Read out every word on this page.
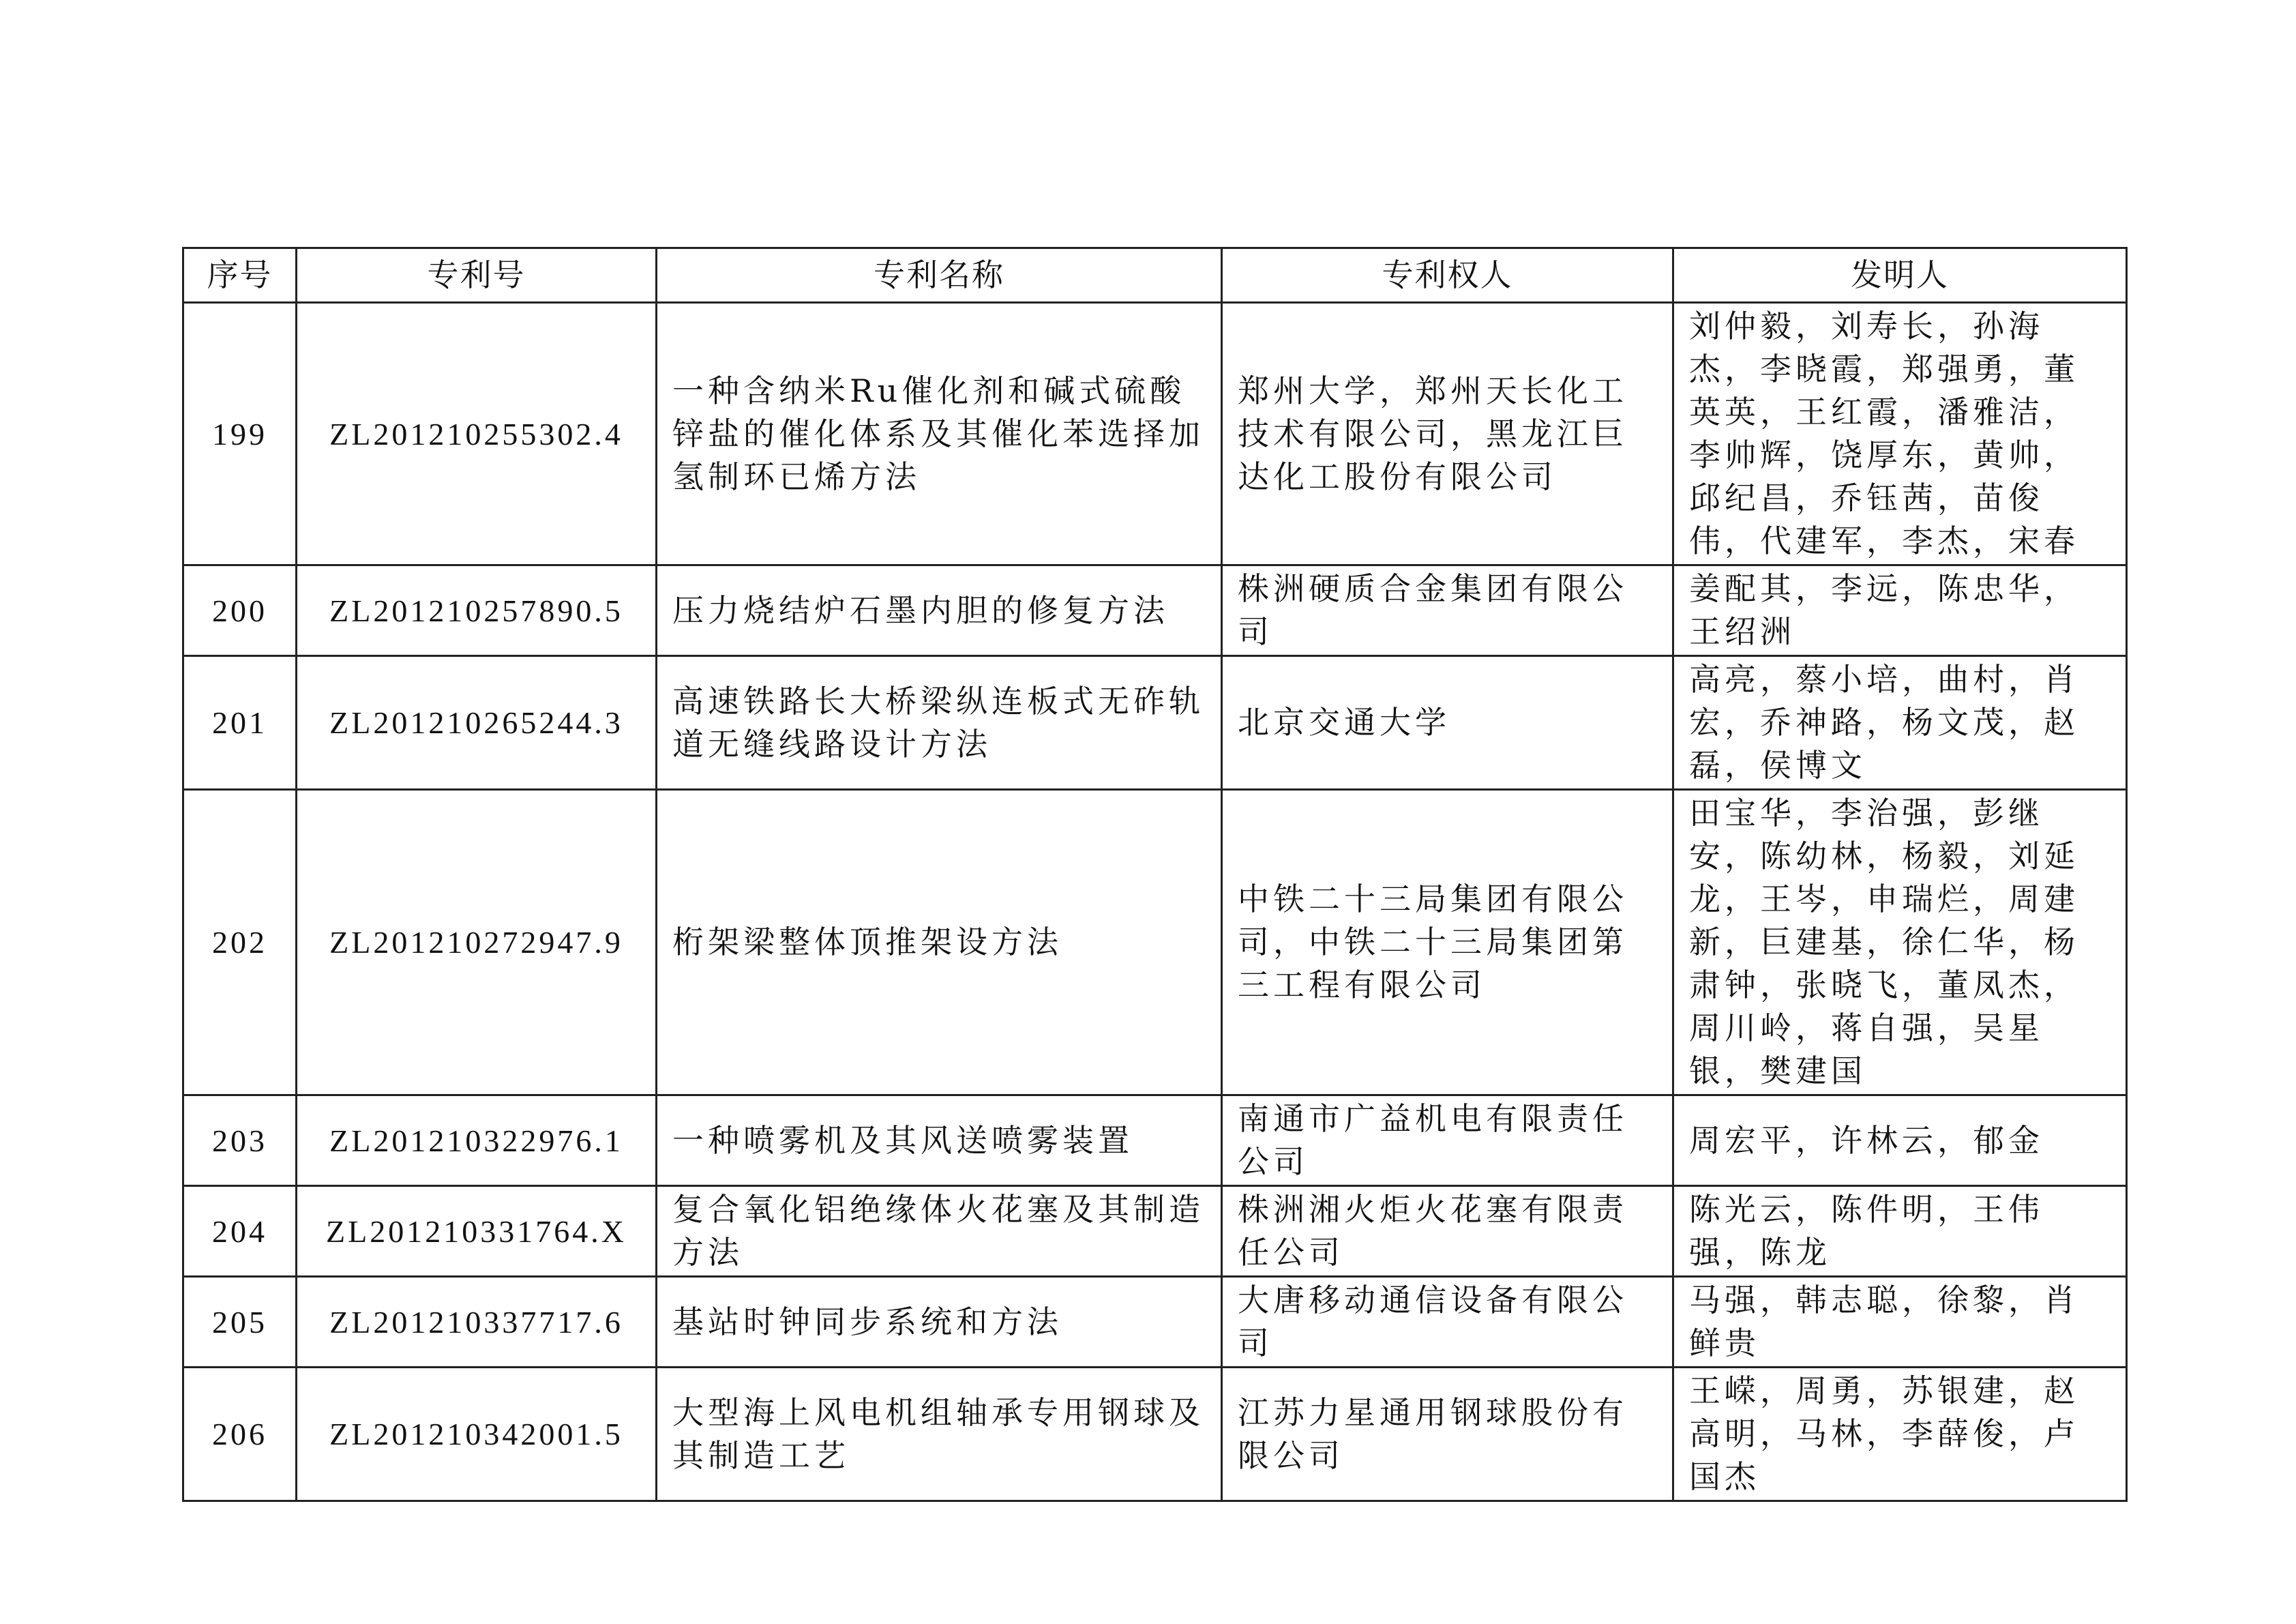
序号	专利号	专利名称	专利权人	发明人
199	ZL201210255302.4	一种含纳米Ru催化剂和碱式硫酸锌盐的催化体系及其催化苯选择加氢制环已烯方法	郑州大学，郑州天长化工技术有限公司，黑龙江巨达化工股份有限公司	刘仲毅，刘寿长，孙海杰，李晓霞，郑强勇，董英英，王红霞，潘雅洁，李帅辉，饶厚东，黄帅，邱纪昌，乔钰茜，苗俊伟，代建军，李杰，宋春
200	ZL201210257890.5	压力烧结炉石墨内胆的修复方法	株洲硬质合金集团有限公司	姜配其，李远，陈忠华，王绍洲
201	ZL201210265244.3	高速铁路长大桥梁纵连板式无砟轨道无缝线路设计方法	北京交通大学	高亮，蔡小培，曲村，肖宏，乔神路，杨文茂，赵磊，侯博文
202	ZL201210272947.9	桁架梁整体顶推架设方法	中铁二十三局集团有限公司，中铁二十三局集团第三工程有限公司	田宝华，李治强，彭继安，陈幼林，杨毅，刘延龙，王岑，申瑞烂，周建新，巨建基，徐仁华，杨肃钟，张晓飞，董凤杰，周川岭，蒋自强，吴星银，樊建国
203	ZL201210322976.1	一种喷雾机及其风送喷雾装置	南通市广益机电有限责任公司	周宏平，许林云，郁金
204	ZL201210331764.X	复合氧化铝绝缘体火花塞及其制造方法	株洲湘火炬火花塞有限责任公司	陈光云，陈件明，王伟强，陈龙
205	ZL201210337717.6	基站时钟同步系统和方法	大唐移动通信设备有限公司	马强，韩志聪，徐黎，肖鲜贵
206	ZL201210342001.5	大型海上风电机组轴承专用钢球及其制造工艺	江苏力星通用钢球股份有限公司	王嵘，周勇，苏银建，赵高明，马林，李薛俊，卢国杰
